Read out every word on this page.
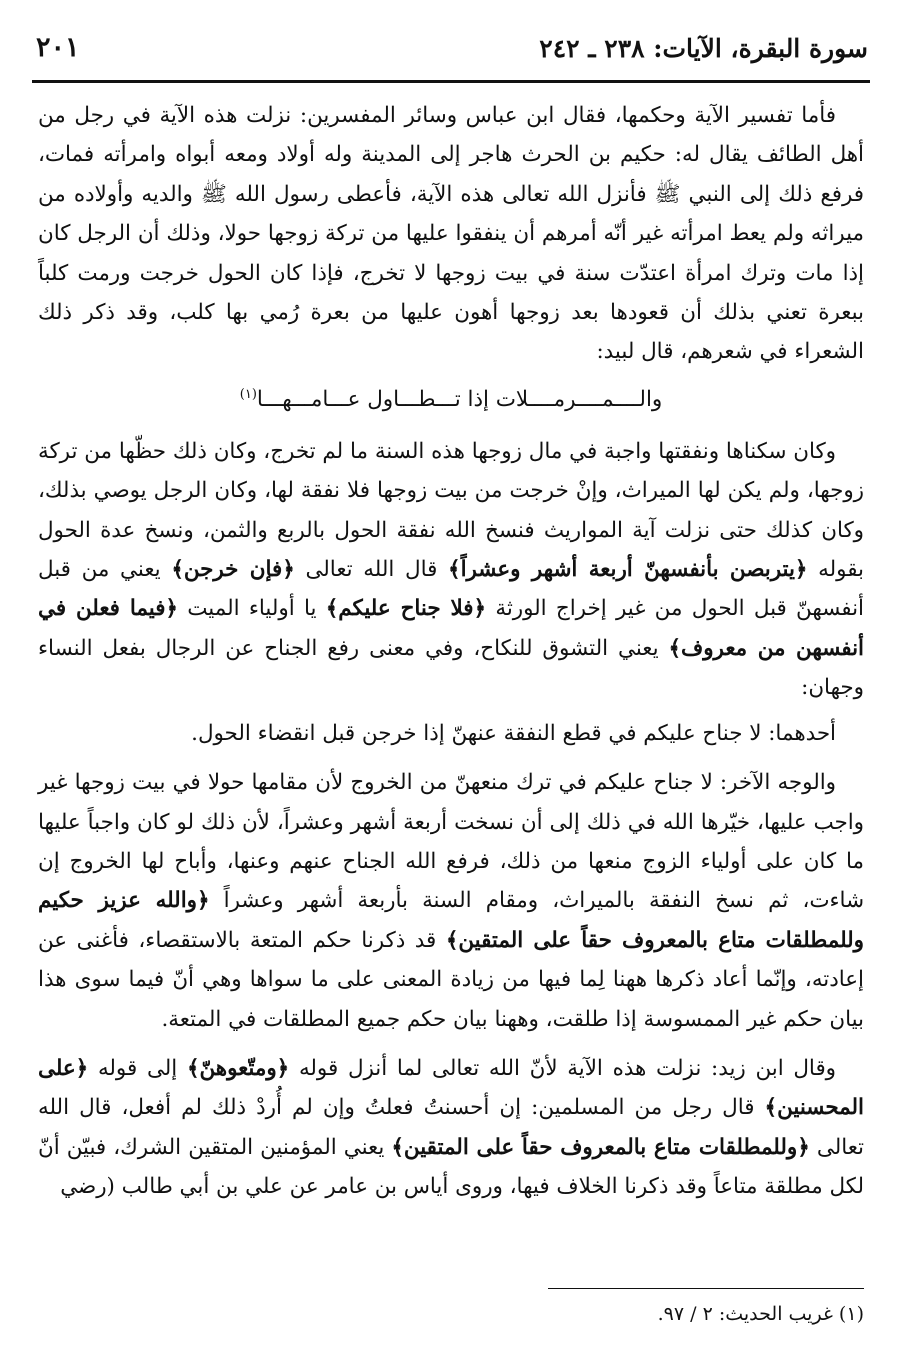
سورة البقرة، الآيات: ٢٣٨ ـ ٢٤٢
٢٠١

فأما تفسير الآية وحكمها، فقال ابن عباس وسائر المفسرين: نزلت هذه الآية في رجل من أهل الطائف يقال له: حكيم بن الحرث هاجر إلى المدينة وله أولاد ومعه أبواه وامرأته فمات، فرفع ذلك إلى النبي ﷺ فأنزل الله تعالى هذه الآية، فأعطى رسول الله ﷺ والديه وأولاده من ميراثه ولم يعط امرأته غير أنّه أمرهم أن ينفقوا عليها من تركة زوجها حولا، وذلك أن الرجل كان إذا مات وترك امرأة اعتدّت سنة في بيت زوجها لا تخرج، فإذا كان الحول خرجت ورمت كلباً ببعرة تعني بذلك أن قعودها بعد زوجها أهون عليها من بعرة رُمي بها كلب، وقد ذكر ذلك الشعراء في شعرهم، قال لبيد:

والــــمــــرمــــلات إذا تـــطـــاول عـــامـــهـــا$^{(١)}$

وكان سكناها ونفقتها واجبة في مال زوجها هذه السنة ما لم تخرج، وكان ذلك حظّها من تركة زوجها، ولم يكن لها الميراث، وإنْ خرجت من بيت زوجها فلا نفقة لها، وكان الرجل يوصي بذلك، وكان كذلك حتى نزلت آية المواريث فنسخ الله نفقة الحول بالربع والثمن، ونسخ عدة الحول بقوله ﴿يتربصن بأنفسهنّ أربعة أشهر وعشراً﴾ قال الله تعالى ﴿فإن خرجن﴾ يعني من قبل أنفسهنّ قبل الحول من غير إخراج الورثة ﴿فلا جناح عليكم﴾ يا أولياء الميت ﴿فيما فعلن في أنفسهن من معروف﴾ يعني التشوق للنكاح، وفي معنى رفع الجناح عن الرجال بفعل النساء وجهان:

أحدهما: لا جناح عليكم في قطع النفقة عنهنّ إذا خرجن قبل انقضاء الحول.

والوجه الآخر: لا جناح عليكم في ترك منعهنّ من الخروج لأن مقامها حولا في بيت زوجها غير واجب عليها، خيّرها الله في ذلك إلى أن نسخت أربعة أشهر وعشراً، لأن ذلك لو كان واجباً عليها ما كان على أولياء الزوج منعها من ذلك، فرفع الله الجناح عنهم وعنها، وأباح لها الخروج إن شاءت، ثم نسخ النفقة بالميراث، ومقام السنة بأربعة أشهر وعشراً ﴿والله عزيز حكيم وللمطلقات متاع بالمعروف حقاً على المتقين﴾ قد ذكرنا حكم المتعة بالاستقصاء، فأغنى عن إعادته، وإنّما أعاد ذكرها ههنا لِما فيها من زيادة المعنى على ما سواها وهي أنّ فيما سوى هذا بيان حكم غير الممسوسة إذا طلقت، وههنا بيان حكم جميع المطلقات في المتعة.

وقال ابن زيد: نزلت هذه الآية لأنّ الله تعالى لما أنزل قوله ﴿ومتّعوهنّ﴾ إلى قوله ﴿على المحسنين﴾ قال رجل من المسلمين: إن أحسنتُ فعلتُ وإن لم أُردْ ذلك لم أفعل، قال الله تعالى ﴿وللمطلقات متاع بالمعروف حقاً على المتقين﴾ يعني المؤمنين المتقين الشرك، فبيّن أنّ لكل مطلقة متاعاً وقد ذكرنا الخلاف فيها، وروى أياس بن عامر عن علي بن أبي طالب (رضي

(١) غريب الحديث: ٢ / ٩٧.
